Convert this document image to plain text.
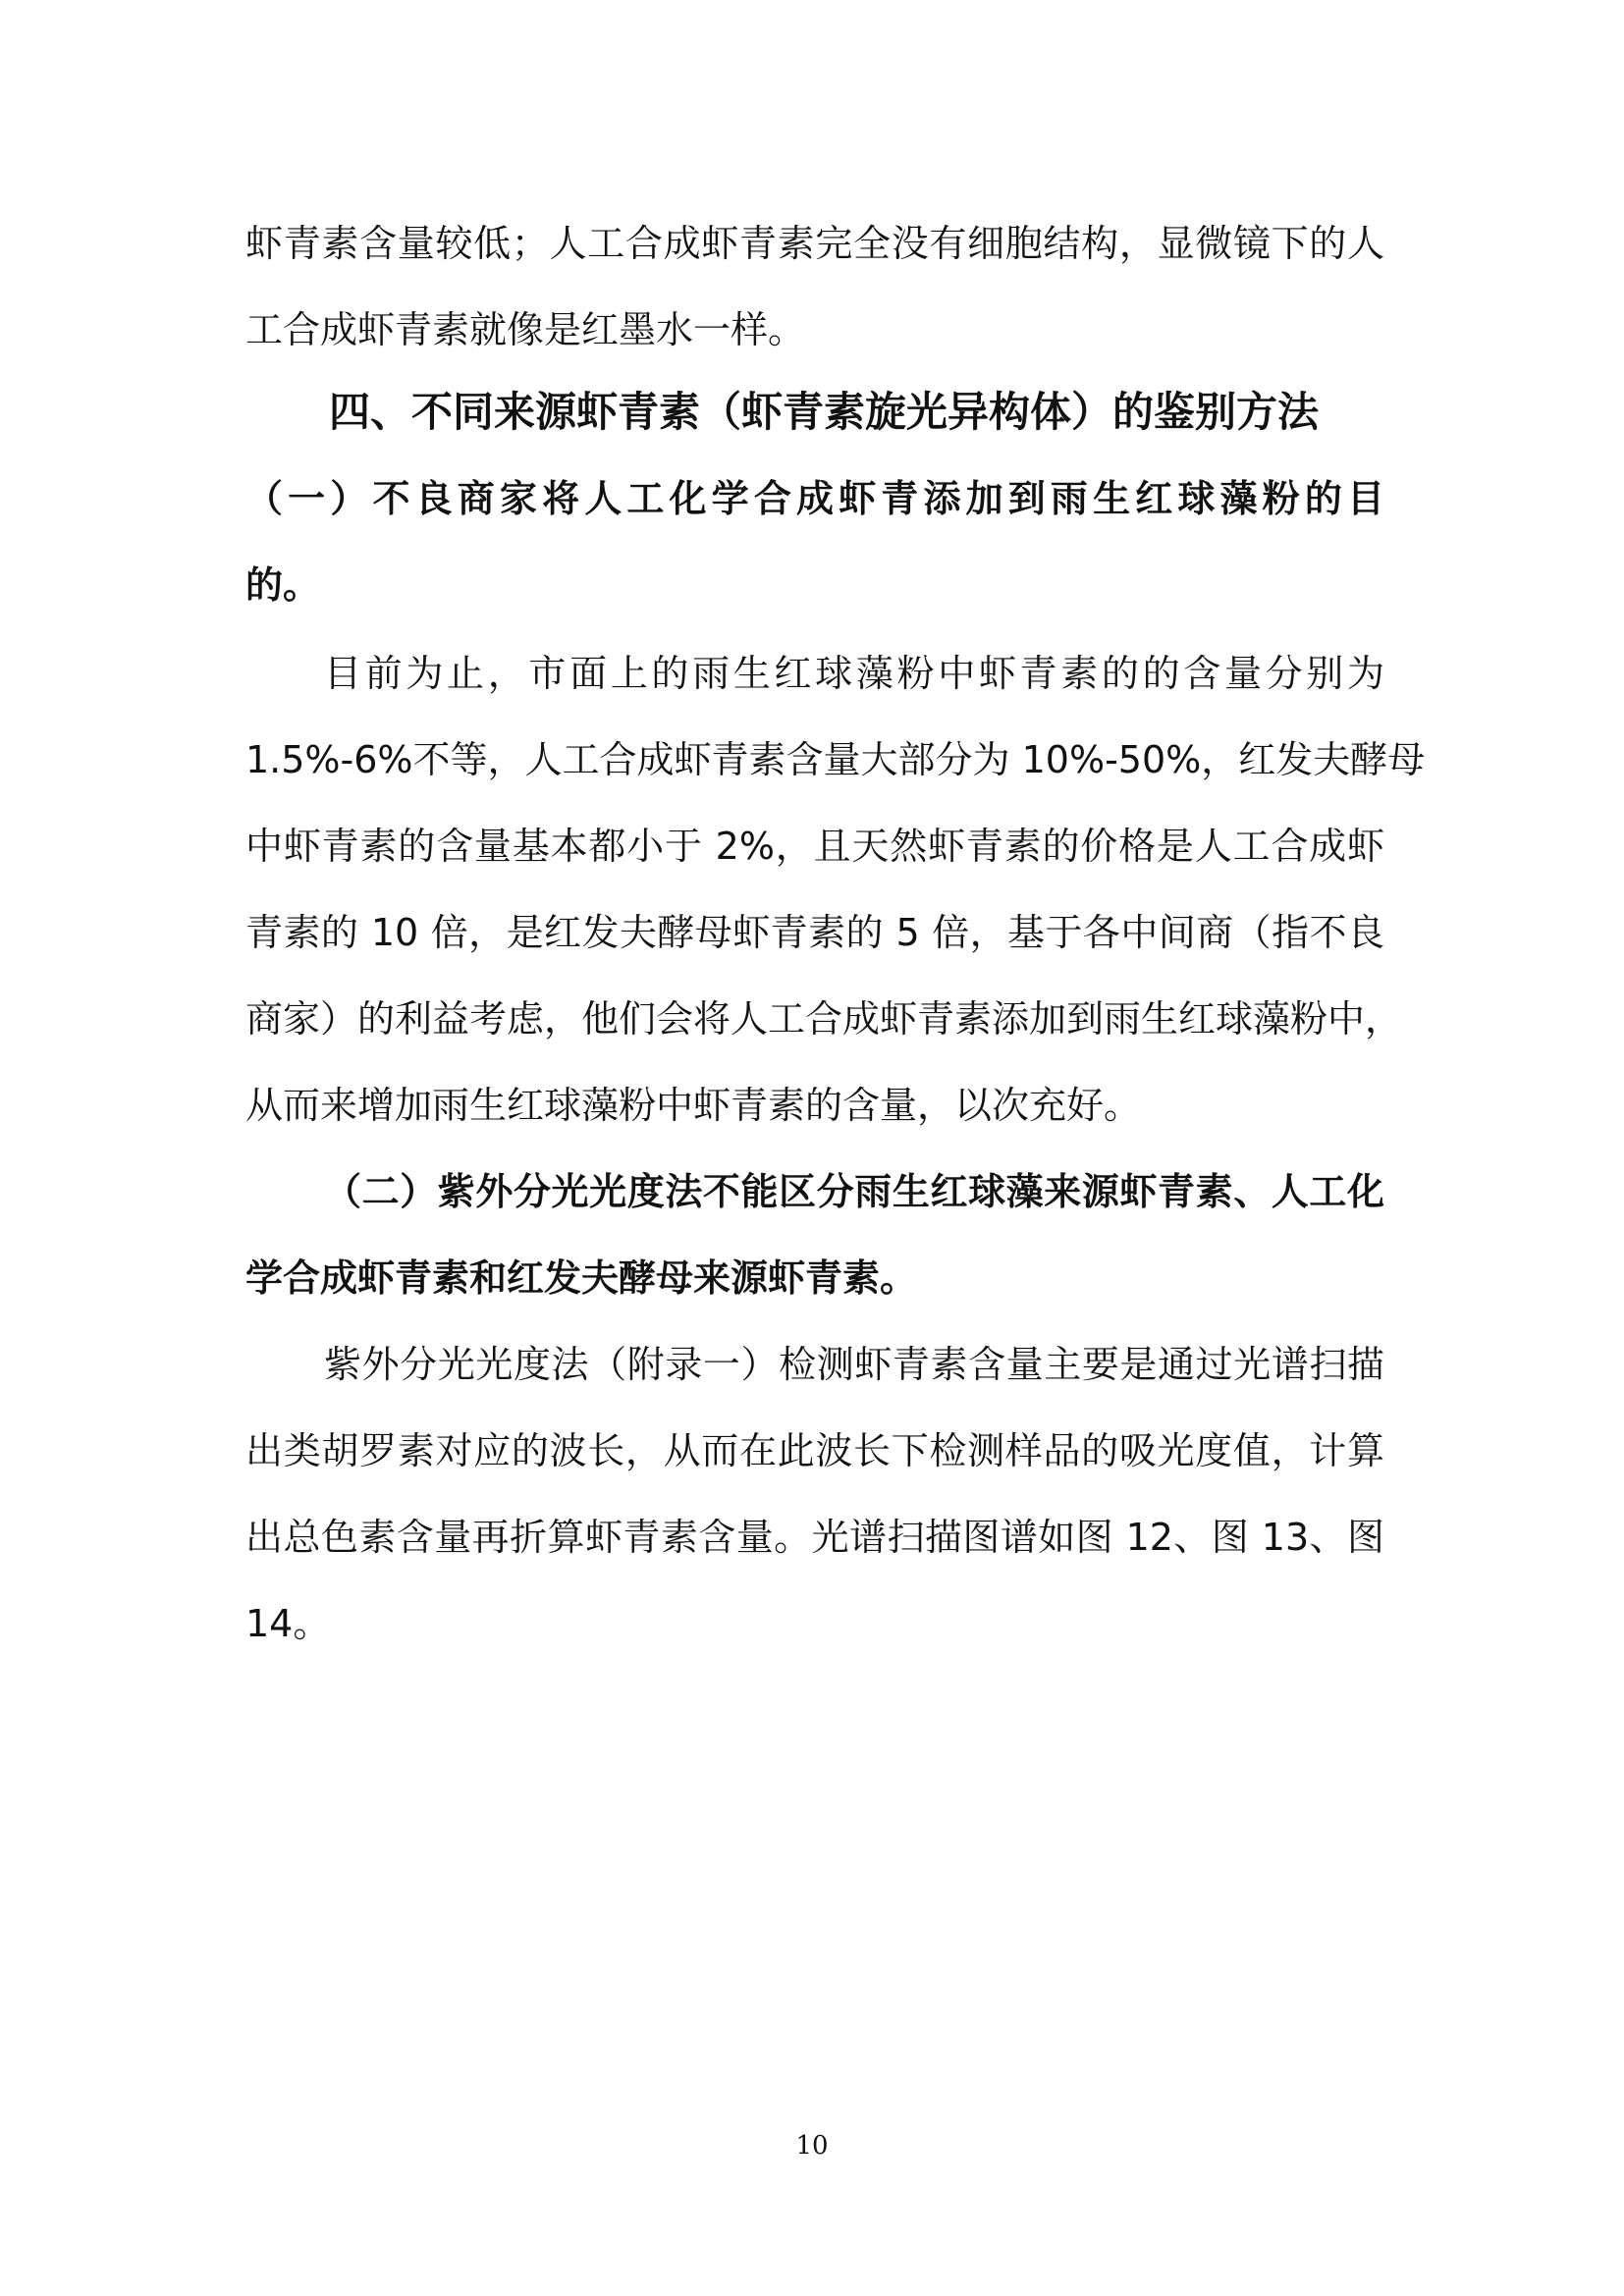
虾青素含量较低；人工合成虾青素完全没有细胞结构，显微镜下的人
工合成虾青素就像是红墨水一样。
四、不同来源虾青素（虾青素旋光异构体）的鉴别方法
（一）不良商家将人工化学合成虾青添加到雨生红球藻粉的目
的。
目前为止，市面上的雨生红球藻粉中虾青素的的含量分别为
1.5%-6%不等，人工合成虾青素含量大部分为 10%-50%，红发夫酵母
中虾青素的含量基本都小于 2%，且天然虾青素的价格是人工合成虾
青素的 10 倍，是红发夫酵母虾青素的 5 倍，基于各中间商（指不良
商家）的利益考虑，他们会将人工合成虾青素添加到雨生红球藻粉中，
从而来增加雨生红球藻粉中虾青素的含量，以次充好。
（二）紫外分光光度法不能区分雨生红球藻来源虾青素、人工化
学合成虾青素和红发夫酵母来源虾青素。
紫外分光光度法（附录一）检测虾青素含量主要是通过光谱扫描
出类胡罗素对应的波长，从而在此波长下检测样品的吸光度值，计算
出总色素含量再折算虾青素含量。光谱扫描图谱如图 12、图 13、图
14。
10
